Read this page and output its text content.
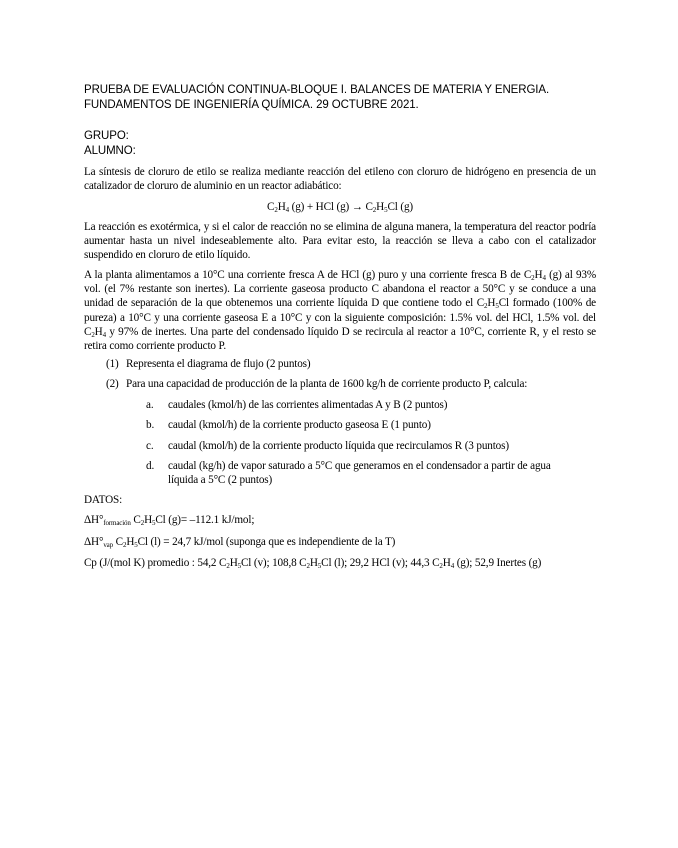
PRUEBA DE EVALUACIÓN CONTINUA-BLOQUE I. BALANCES DE MATERIA Y ENERGIA.
FUNDAMENTOS DE INGENIERÍA QUÍMICA. 29 OCTUBRE 2021.
GRUPO:
ALUMNO:

La síntesis de cloruro de etilo se realiza mediante reacción del etileno con cloruro de hidrógeno en presencia de un catalizador de cloruro de aluminio en un reactor adiabático:

$C_2H_4$ (g) + HCl $(g) \to C_2H_5Cl$ (g)

La reacción es exotérmica, y si el calor de reacción no se elimina de alguna manera, la temperatura del reactor podría aumentar hasta un nivel indeseablemente alto. Para evitar esto, la reacción se lleva a cabo con el catalizador suspendido en cloruro de etilo líquido.

A la planta alimentamos a 10°C una corriente fresca A de HCl (g) puro y una corriente fresca B de $C_2H_4$ (g) al 93% vol. (el 7% restante son inertes). La corriente gaseosa producto C abandona el reactor a 50°C y se conduce a una unidad de separación de la que obtenemos una corriente líquida D que contiene todo el $C_2H_5Cl$ formado (100% de pureza) a 10°C y una corriente gaseosa E a 10°C y con la siguiente composición: 1.5% vol. del HCl, 1.5% vol. del $C_2H_4$ y 97% de inertes. Una parte del condensado líquido D se recircula al reactor a 10°C, corriente R, y el resto se retira como corriente producto P.

(1) Representa el diagrama de flujo (2 puntos)
(2) Para una capacidad de producción de la planta de 1600 kg/h de corriente producto P, calcula:
a. caudales (kmol/h) de las corrientes alimentadas A y B (2 puntos)
b. caudal (kmol/h) de la corriente producto gaseosa E (1 punto)
c. caudal (kmol/h) de la corriente producto líquida que recirculamos R (3 puntos)
d. caudal (kg/h) de vapor saturado a 5°C que generamos en el condensador a partir de agua
líquida a 5°C (2 puntos)
DATOS:
$\Delta H^\circ_{formación}$ $C_2H_5Cl$ (g)= –112.1 kJ/mol;
$\Delta H^\circ_{vap}$ $C_2H_5Cl$ (l) = 24,7 kJ/mol (suponga que es independiente de la T)
Cp (J/(mol K) promedio : 54,2 $C_2H_5Cl$ (v); 108,8 $C_2H_5Cl$ (l); 29,2 HCl (v); 44,3 $C_2H_4$ (g); 52,9 Inertes (g)
